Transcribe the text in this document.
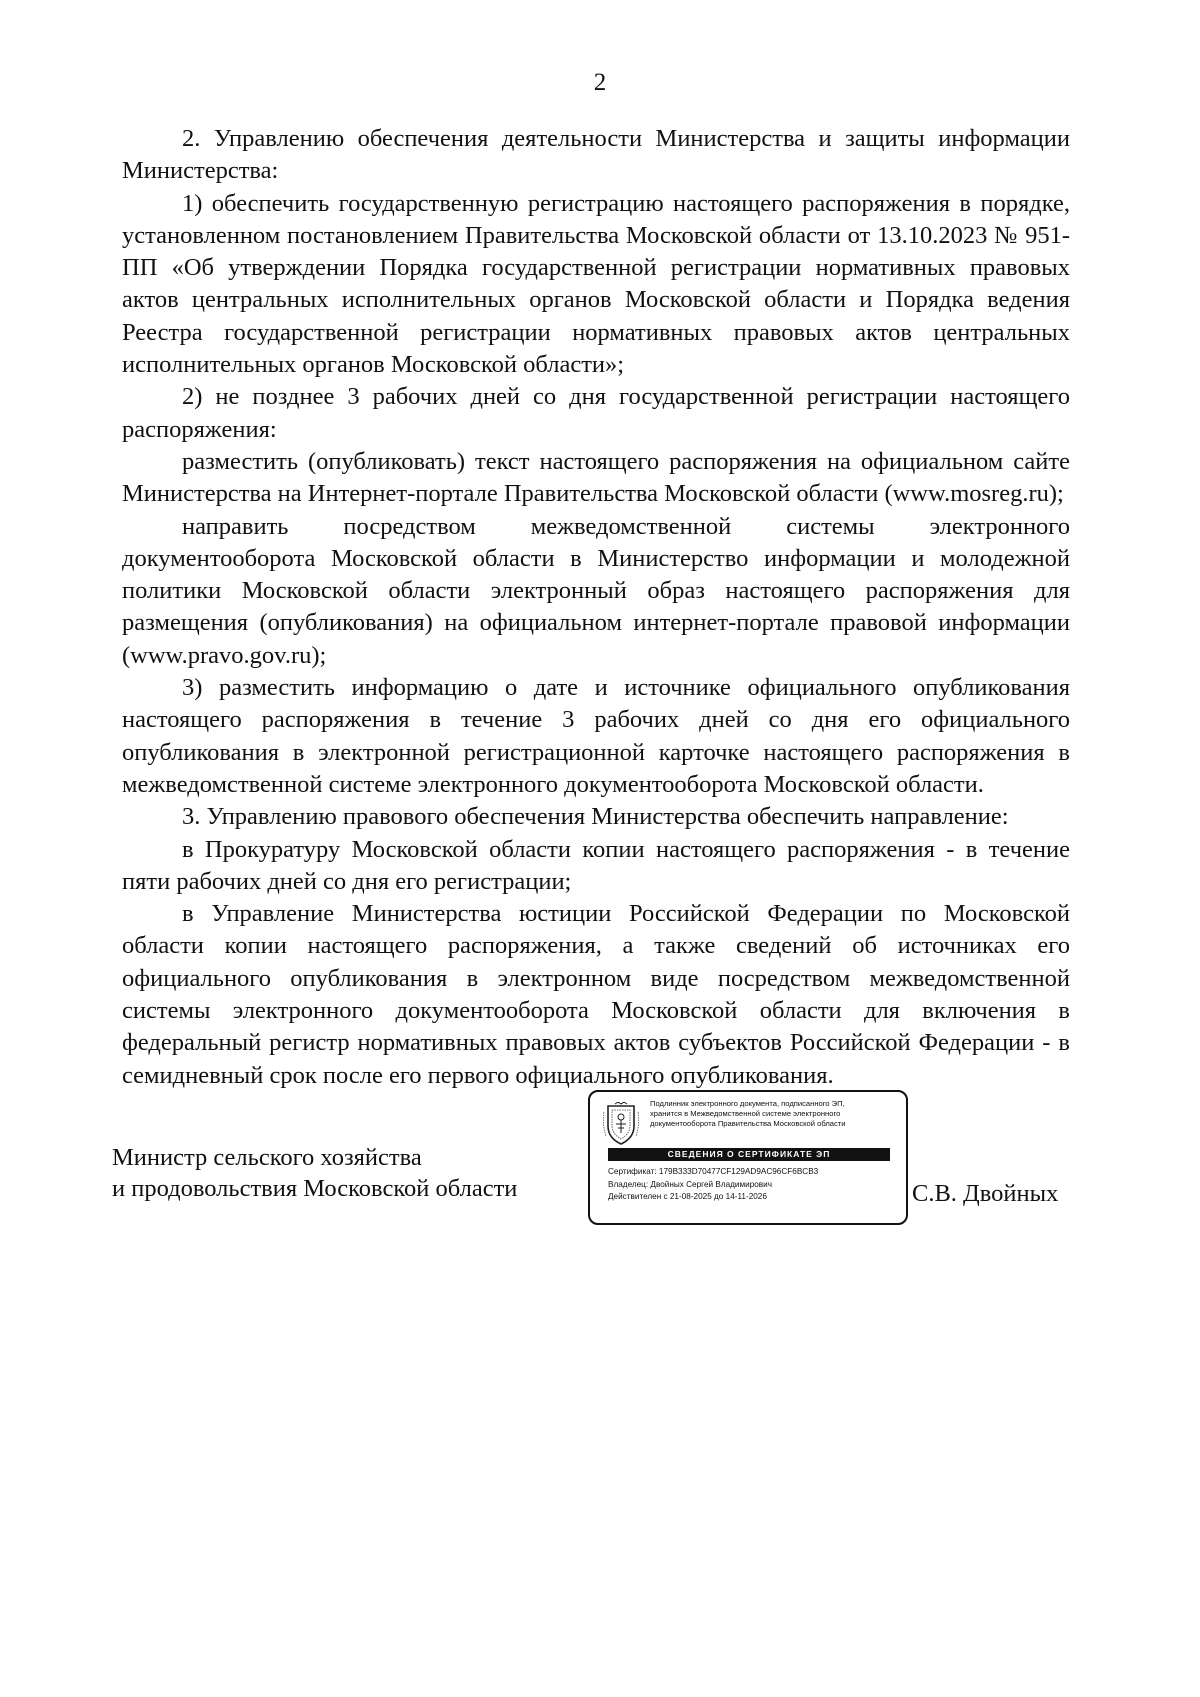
2

2. Управлению обеспечения деятельности Министерства и защиты информации Министерства:

1) обеспечить государственную регистрацию настоящего распоряжения в порядке, установленном постановлением Правительства Московской области от 13.10.2023 № 951-ПП «Об утверждении Порядка государственной регистрации нормативных правовых актов центральных исполнительных органов Московской области и Порядка ведения Реестра государственной регистрации нормативных правовых актов центральных исполнительных органов Московской области»;

2) не позднее 3 рабочих дней со дня государственной регистрации настоящего распоряжения:

разместить (опубликовать) текст настоящего распоряжения на официальном сайте Министерства на Интернет-портале Правительства Московской области (www.mosreg.ru);

направить посредством межведомственной системы электронного документооборота Московской области в Министерство информации и молодежной политики Московской области электронный образ настоящего распоряжения для размещения (опубликования) на официальном интернет-портале правовой информации (www.pravo.gov.ru);

3) разместить информацию о дате и источнике официального опубликования настоящего распоряжения в течение 3 рабочих дней со дня его официального опубликования в электронной регистрационной карточке настоящего распоряжения в межведомственной системе электронного документооборота Московской области.

3. Управлению правового обеспечения Министерства обеспечить направление:

в Прокуратуру Московской области копии настоящего распоряжения - в течение пяти рабочих дней со дня его регистрации;

в Управление Министерства юстиции Российской Федерации по Московской области копии настоящего распоряжения, а также сведений об источниках его официального опубликования в электронном виде посредством межведомственной системы электронного документооборота Московской области для включения в федеральный регистр нормативных правовых актов субъектов Российской Федерации - в семидневный срок после его первого официального опубликования.

Министр сельского хозяйства
и продовольствия Московской области
Подлинник электронного документа, подписанного ЭП,
хранится в Межведомственной системе электронного
документооборота Правительства Московской области
СВЕДЕНИЯ О СЕРТИФИКАТЕ ЭП
Сертификат: 179B333D70477CF129AD9AC96CF6BCB3
Владелец: Двойных Сергей Владимирович
Действителен с 21-08-2025 до 14-11-2026	С.В. Двойных
